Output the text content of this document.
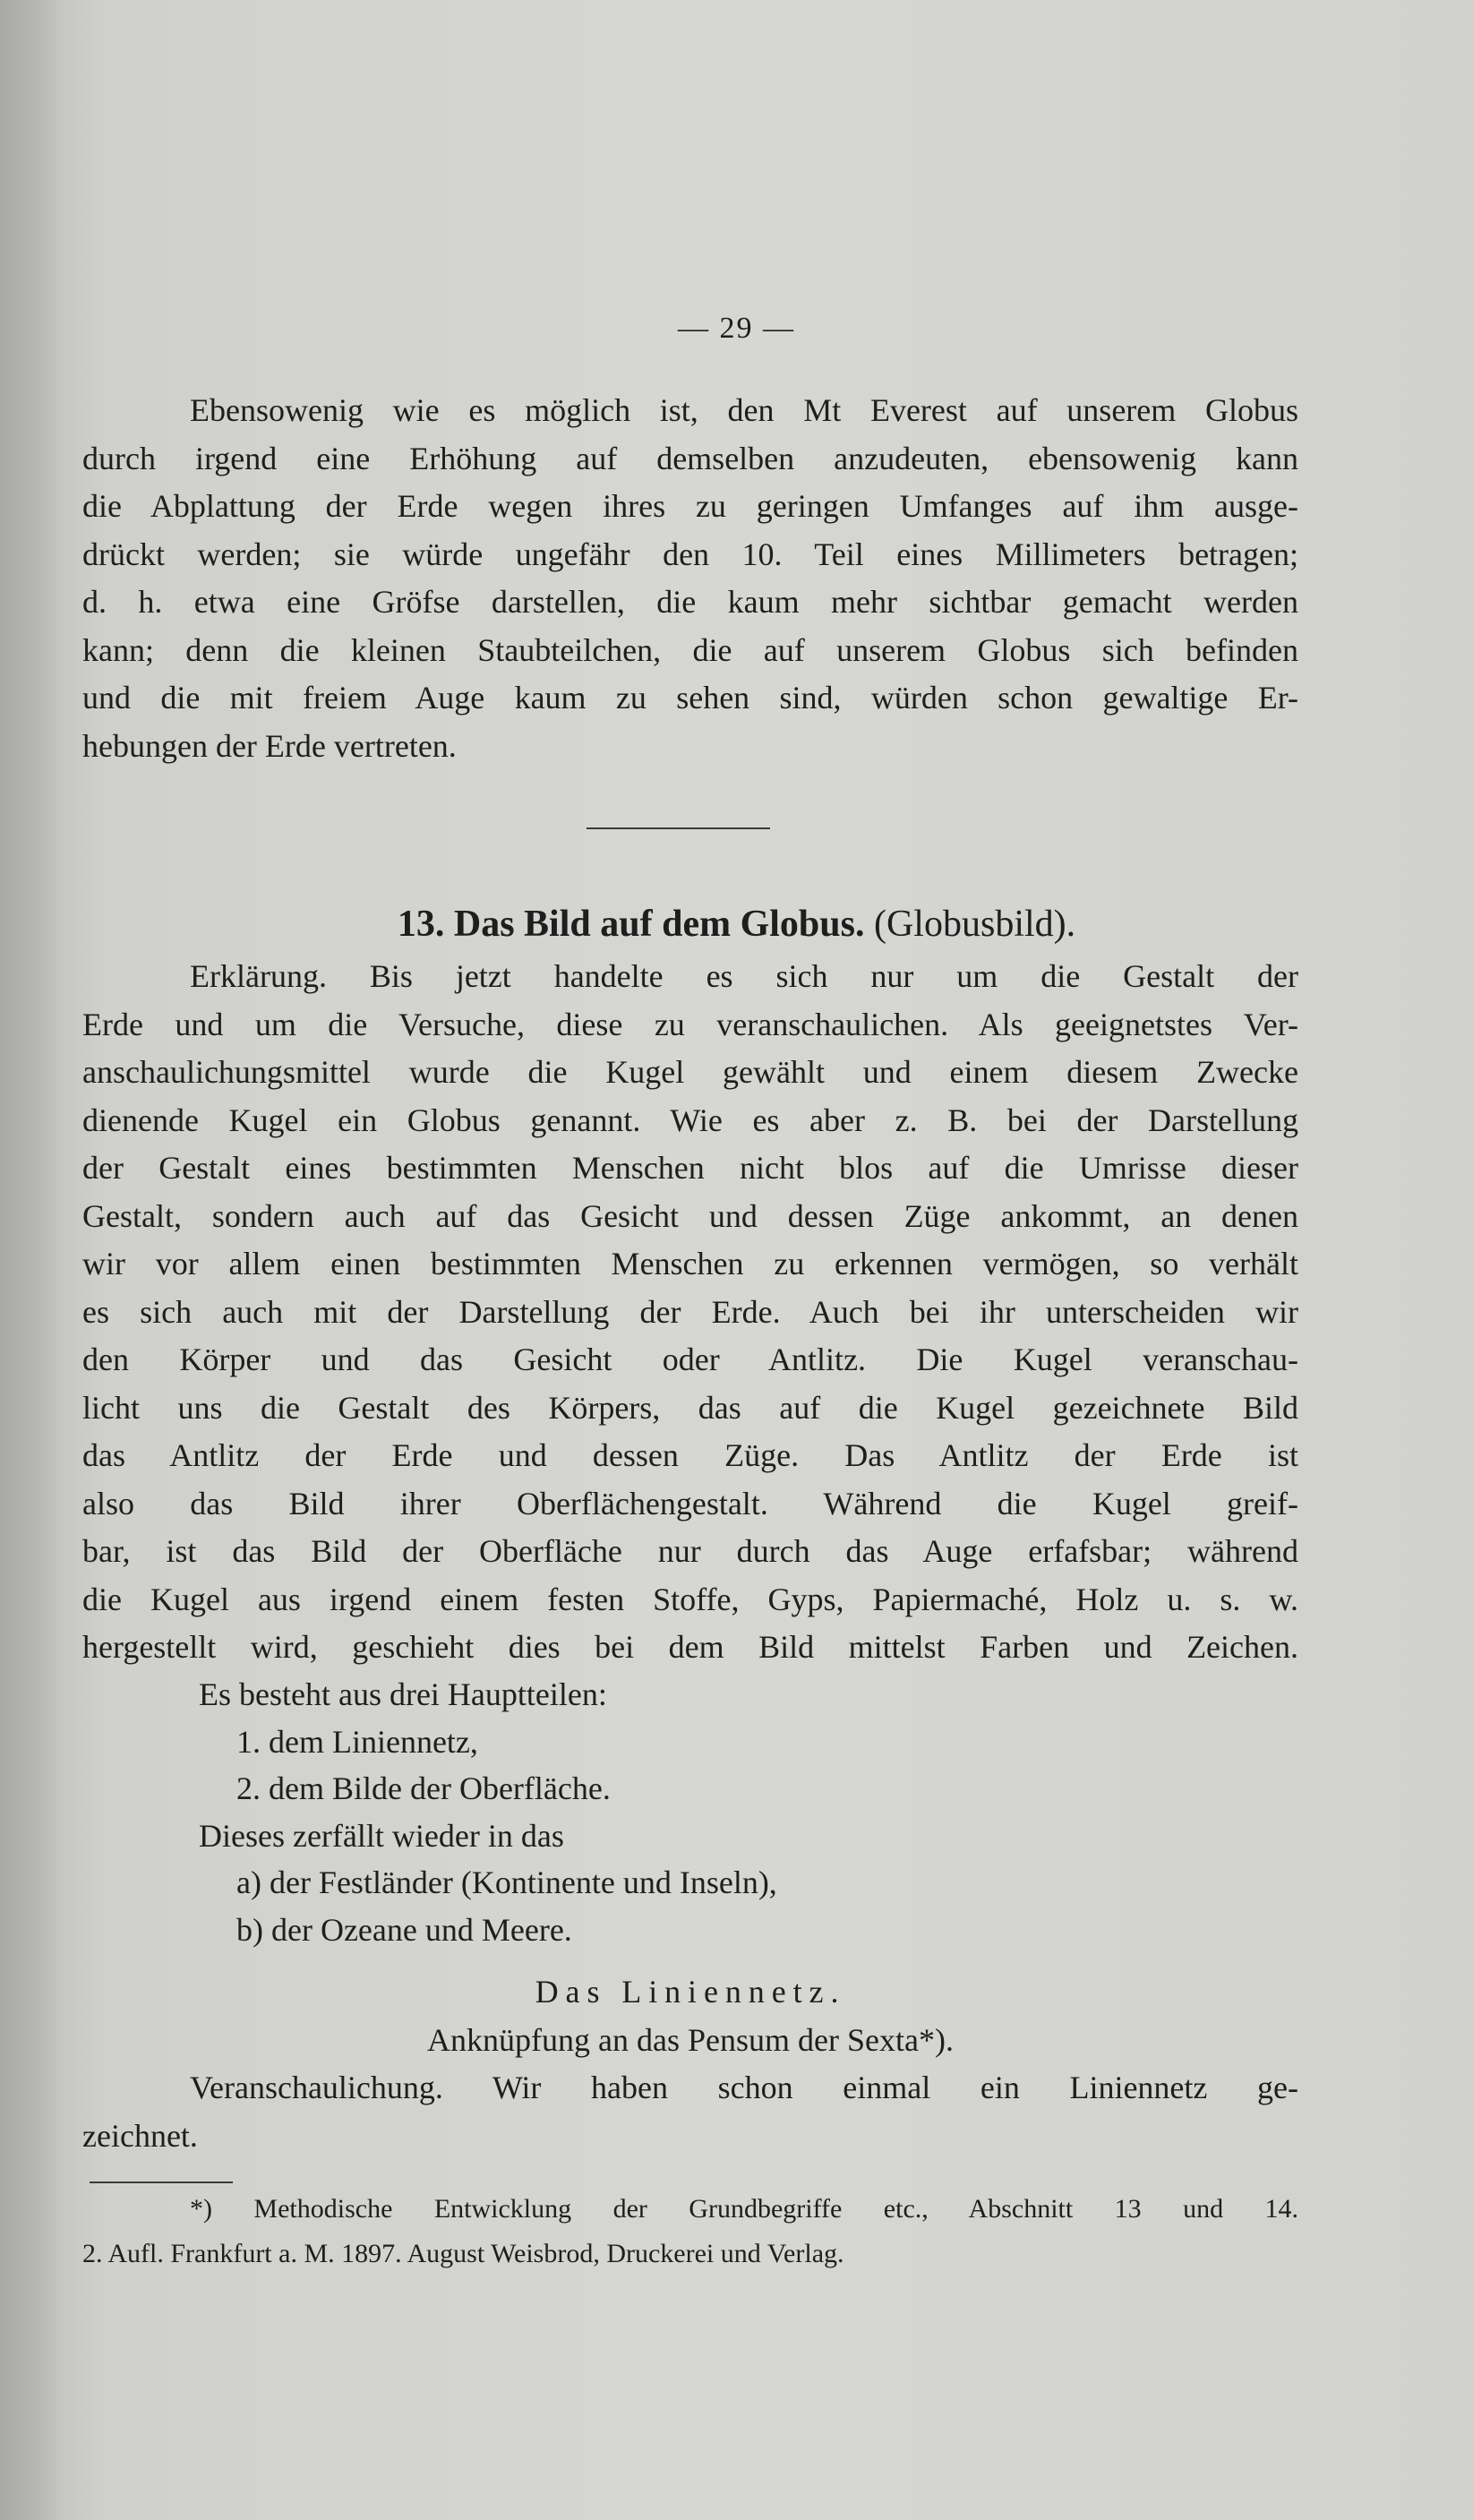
— 29 —
Ebensowenig wie es möglich ist, den Mt Everest auf unserem Globus
durch irgend eine Erhöhung auf demselben anzudeuten, ebensowenig kann
die Abplattung der Erde wegen ihres zu geringen Umfanges auf ihm ausge-
drückt werden; sie würde ungefähr den 10. Teil eines Millimeters betragen;
d. h. etwa eine Gröfse darstellen, die kaum mehr sichtbar gemacht werden
kann; denn die kleinen Staubteilchen, die auf unserem Globus sich befinden
und die mit freiem Auge kaum zu sehen sind, würden schon gewaltige Er-
hebungen der Erde vertreten.
13. Das Bild auf dem Globus. (Globusbild).
Erklärung. Bis jetzt handelte es sich nur um die Gestalt der
Erde und um die Versuche, diese zu veranschaulichen. Als geeignetstes Ver-
anschaulichungsmittel wurde die Kugel gewählt und einem diesem Zwecke
dienende Kugel ein Globus genannt. Wie es aber z. B. bei der Darstellung
der Gestalt eines bestimmten Menschen nicht blos auf die Umrisse dieser
Gestalt, sondern auch auf das Gesicht und dessen Züge ankommt, an denen
wir vor allem einen bestimmten Menschen zu erkennen vermögen, so verhält
es sich auch mit der Darstellung der Erde. Auch bei ihr unterscheiden wir
den Körper und das Gesicht oder Antlitz. Die Kugel veranschau-
licht uns die Gestalt des Körpers, das auf die Kugel gezeichnete Bild
das Antlitz der Erde und dessen Züge. Das Antlitz der Erde ist
also das Bild ihrer Oberflächengestalt. Während die Kugel greif-
bar, ist das Bild der Oberfläche nur durch das Auge erfafsbar; während
die Kugel aus irgend einem festen Stoffe, Gyps, Papiermaché, Holz u. s. w.
hergestellt wird, geschieht dies bei dem Bild mittelst Farben und Zeichen.
Es besteht aus drei Hauptteilen:
1. dem Liniennetz,
2. dem Bilde der Oberfläche.
Dieses zerfällt wieder in das
a) der Festländer (Kontinente und Inseln),
b) der Ozeane und Meere.
Das Liniennetz.
Anknüpfung an das Pensum der Sexta*).
Veranschaulichung. Wir haben schon einmal ein Liniennetz ge-
zeichnet.
*) Methodische Entwicklung der Grundbegriffe etc., Abschnitt 13 und 14.
2. Aufl. Frankfurt a. M. 1897. August Weisbrod, Druckerei und Verlag.
